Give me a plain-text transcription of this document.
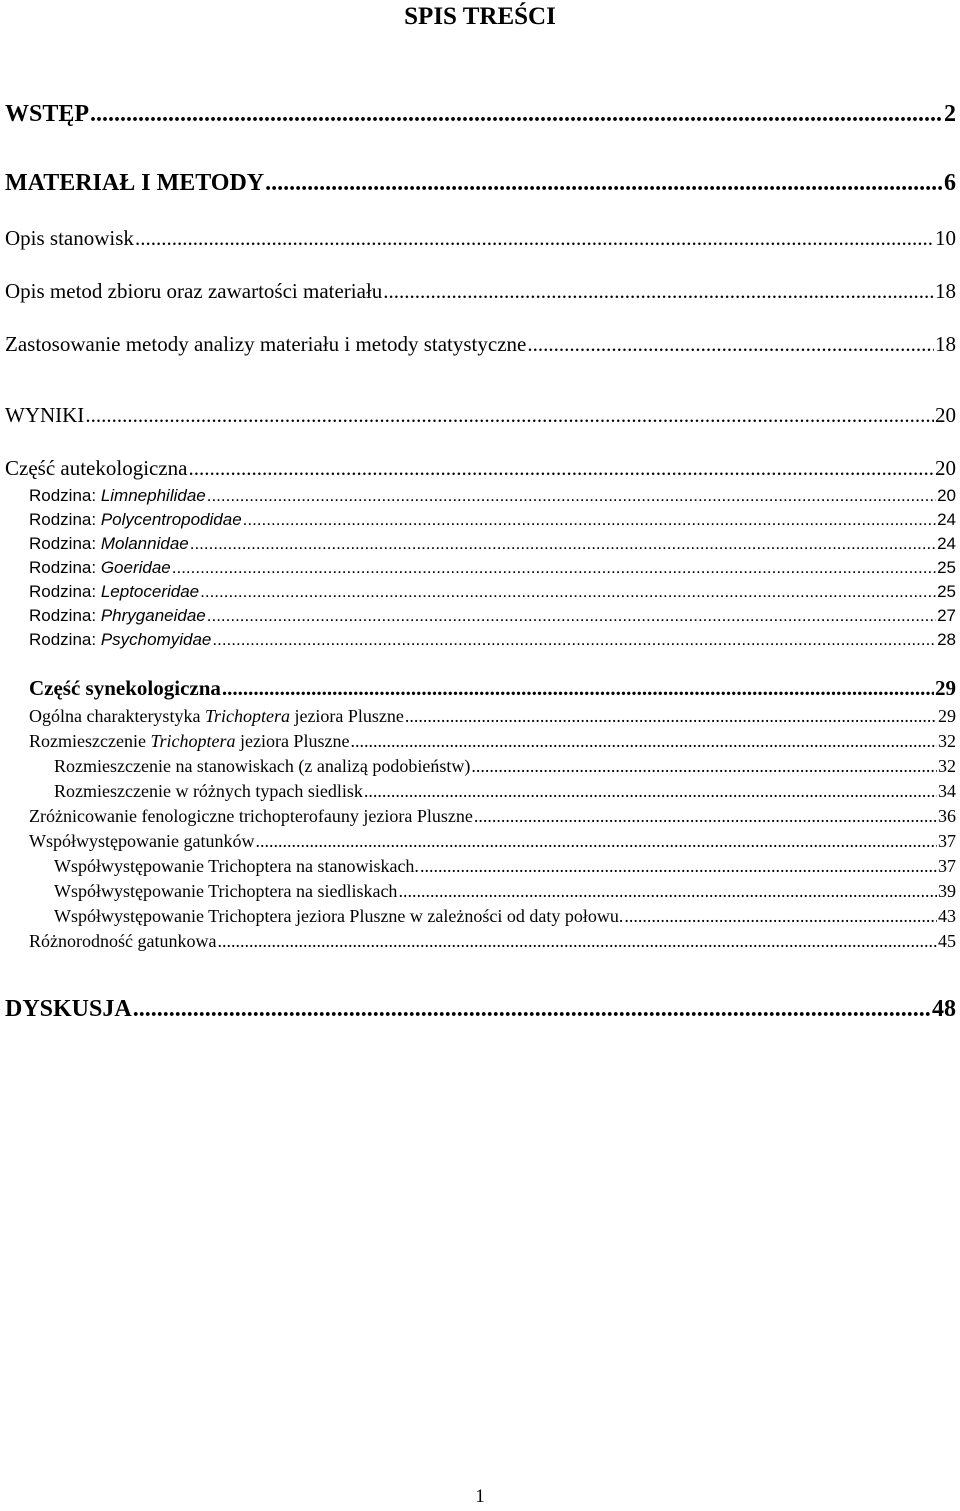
SPIS TREŚCI
WSTĘP .....	2
MATERIAŁ I METODY .....	6
Opis stanowisk .....	10
Opis metod zbioru oraz zawartości materiału .....	18
Zastosowanie metody analizy materiału i metody statystyczne .....	18
WYNIKI .....	20
Część autekologiczna .....	20
Rodzina: Limnephilidae .....	20
Rodzina: Polycentropodidae .....	24
Rodzina: Molannidae .....	24
Rodzina: Goeridae .....	25
Rodzina: Leptoceridae .....	25
Rodzina: Phryganeidae .....	27
Rodzina: Psychomyidae .....	28
Część synekologiczna .....	29
Ogólna charakterystyka Trichoptera jeziora Pluszne .....	29
Rozmieszczenie Trichoptera jeziora Pluszne .....	32
Rozmieszczenie na stanowiskach (z analizą podobieństw) .....	32
Rozmieszczenie w różnych typach siedlisk .....	34
Zróżnicowanie fenologiczne trichopterofauny jeziora Pluszne .....	36
Współwystępowanie gatunków .....	37
Współwystępowanie Trichoptera na stanowiskach. .....	37
Współwystępowanie Trichoptera na siedliskach .....	39
Współwystępowanie Trichoptera jeziora Pluszne w zależności od daty połowu. .....	43
Różnorodność gatunkowa .....	45
DYSKUSJA .....	48
1
